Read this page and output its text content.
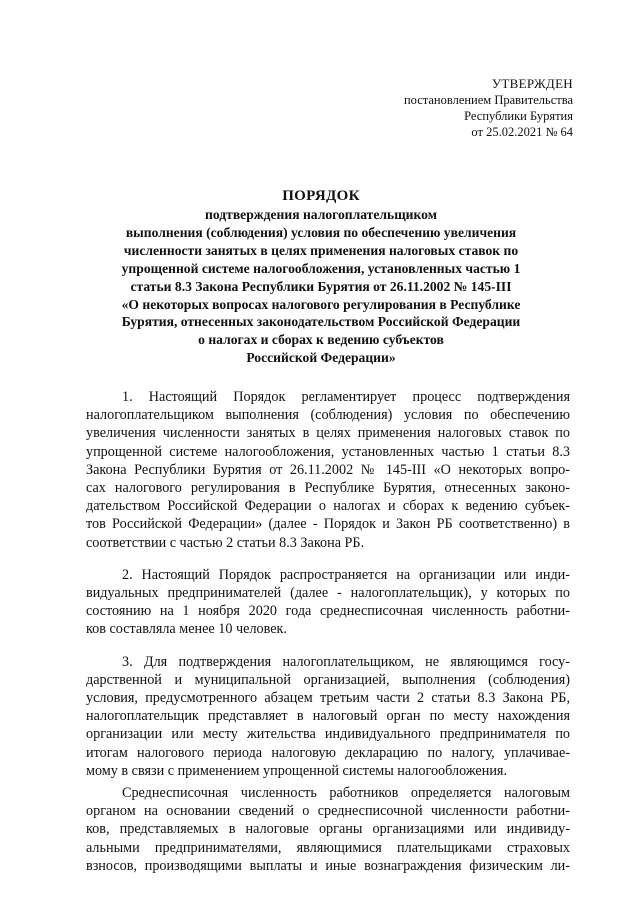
УТВЕРЖДЕН
постановлением Правительства
Республики Бурятия
от 25.02.2021 № 64
ПОРЯДОК
подтверждения налогоплательщиком
выполнения (соблюдения) условия по обеспечению увеличения
численности занятых в целях применения налоговых ставок по
упрощенной системе налогообложения, установленных частью 1
статьи 8.3 Закона Республики Бурятия от 26.11.2002 № 145-III
«О некоторых вопросах налогового регулирования в Республике
Бурятия, отнесенных законодательством Российской Федерации
о налогах и сборах к ведению субъектов
Российской Федерации»
1. Настоящий Порядок регламентирует процесс подтверждения
налогоплательщиком выполнения (соблюдения) условия по обеспечению
увеличения численности занятых в целях применения налоговых ставок по
упрощенной системе налогообложения, установленных частью 1 статьи 8.3
Закона Республики Бурятия от 26.11.2002 № 145-III «О некоторых вопро-
сах налогового регулирования в Республике Бурятия, отнесенных законо-
дательством Российской Федерации о налогах и сборах к ведению субъек-
тов Российской Федерации» (далее - Порядок и Закон РБ соответственно) в
соответствии с частью 2 статьи 8.3 Закона РБ.
2. Настоящий Порядок распространяется на организации или инди-
видуальных предпринимателей (далее - налогоплательщик), у которых по
состоянию на 1 ноября 2020 года среднесписочная численность работни-
ков составляла менее 10 человек.
3. Для подтверждения налогоплательщиком, не являющимся госу-
дарственной и муниципальной организацией, выполнения (соблюдения)
условия, предусмотренного абзацем третьим части 2 статьи 8.3 Закона РБ,
налогоплательщик представляет в налоговый орган по месту нахождения
организации или месту жительства индивидуального предпринимателя по
итогам налогового периода налоговую декларацию по налогу, уплачивае-
мому в связи с применением упрощенной системы налогообложения.
Среднесписочная численность работников определяется налоговым
органом на основании сведений о среднесписочной численности работни-
ков, представляемых в налоговые органы организациями или индивиду-
альными предпринимателями, являющимися плательщиками страховых
взносов, производящими выплаты и иные вознаграждения физическим ли-
